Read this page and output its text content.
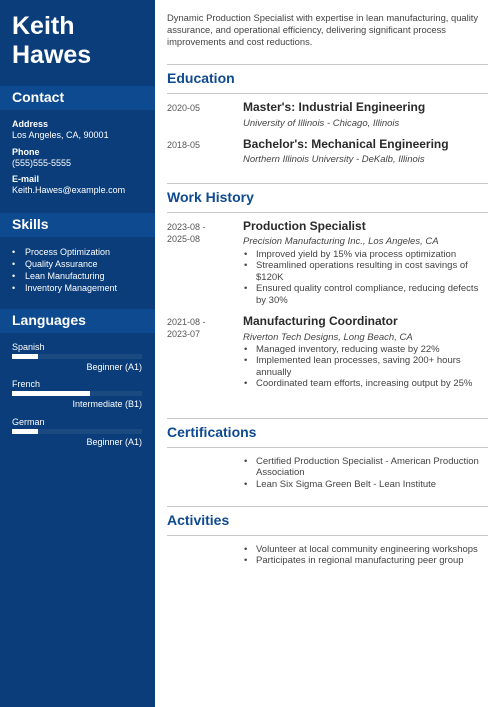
Keith
Hawes
Contact
Address
Los Angeles, CA, 90001
Phone
(555)555-5555
E-mail
Keith.Hawes@example.com
Skills
• Process Optimization
• Quality Assurance
• Lean Manufacturing
• Inventory Management
Languages
Spanish
Beginner (A1)
French
Intermediate (B1)
German
Beginner (A1)
Dynamic Production Specialist with expertise in lean manufacturing, quality assurance, and operational efficiency, delivering significant process improvements and cost reductions.
Education
2020-05	Master's: Industrial Engineering
University of Illinois - Chicago, Illinois
2018-05	Bachelor's: Mechanical Engineering
Northern Illinois University - DeKalb, Illinois
Work History
2023-08 -
2025-08
Production Specialist
Precision Manufacturing Inc., Los Angeles, CA
• Improved yield by 15% via process optimization
• Streamlined operations resulting in cost savings of $120K
• Ensured quality control compliance, reducing defects by 30%
2021-08 -
2023-07
Manufacturing Coordinator
Riverton Tech Designs, Long Beach, CA
• Managed inventory, reducing waste by 22%
• Implemented lean processes, saving 200+ hours annually
• Coordinated team efforts, increasing output by 25%
Certifications
• Certified Production Specialist - American Production Association
• Lean Six Sigma Green Belt - Lean Institute
Activities
• Volunteer at local community engineering workshops
• Participates in regional manufacturing peer group
